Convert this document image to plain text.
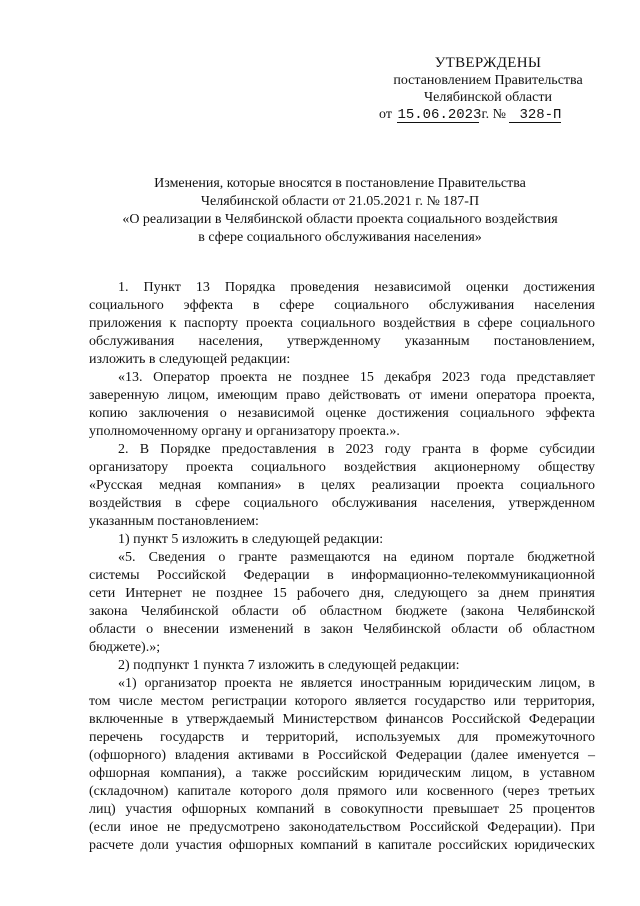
УТВЕРЖДЕНЫ
постановлением Правительства
Челябинской области
от 15.06.2023г. № 328-П
Изменения, которые вносятся в постановление Правительства
Челябинской области от 21.05.2021 г. № 187-П
«О реализации в Челябинской области проекта социального воздействия
в сфере социального обслуживания населения»
1. Пункт 13 Порядка проведения независимой оценки достижения
социального эффекта в сфере социального обслуживания населения
приложения к паспорту проекта социального воздействия в сфере социального
обслуживания населения, утвержденному указанным постановлением,
изложить в следующей редакции:
«13. Оператор проекта не позднее 15 декабря 2023 года представляет
заверенную лицом, имеющим право действовать от имени оператора проекта,
копию заключения о независимой оценке достижения социального эффекта
уполномоченному органу и организатору проекта.».
2. В Порядке предоставления в 2023 году гранта в форме субсидии
организатору проекта социального воздействия акционерному обществу
«Русская медная компания» в целях реализации проекта социального
воздействия в сфере социального обслуживания населения, утвержденном
указанным постановлением:
1) пункт 5 изложить в следующей редакции:
«5. Сведения о гранте размещаются на едином портале бюджетной
системы Российской Федерации в информационно-телекоммуникационной
сети Интернет не позднее 15 рабочего дня, следующего за днем принятия
закона Челябинской области об областном бюджете (закона Челябинской
области о внесении изменений в закон Челябинской области об областном
бюджете).»;
2) подпункт 1 пункта 7 изложить в следующей редакции:
«1) организатор проекта не является иностранным юридическим лицом, в
том числе местом регистрации которого является государство или территория,
включенные в утверждаемый Министерством финансов Российской Федерации
перечень государств и территорий, используемых для промежуточного
(офшорного) владения активами в Российской Федерации (далее именуется –
офшорная компания), а также российским юридическим лицом, в уставном
(складочном) капитале которого доля прямого или косвенного (через третьих
лиц) участия офшорных компаний в совокупности превышает 25 процентов
(если иное не предусмотрено законодательством Российской Федерации). При
расчете доли участия офшорных компаний в капитале российских юридических
